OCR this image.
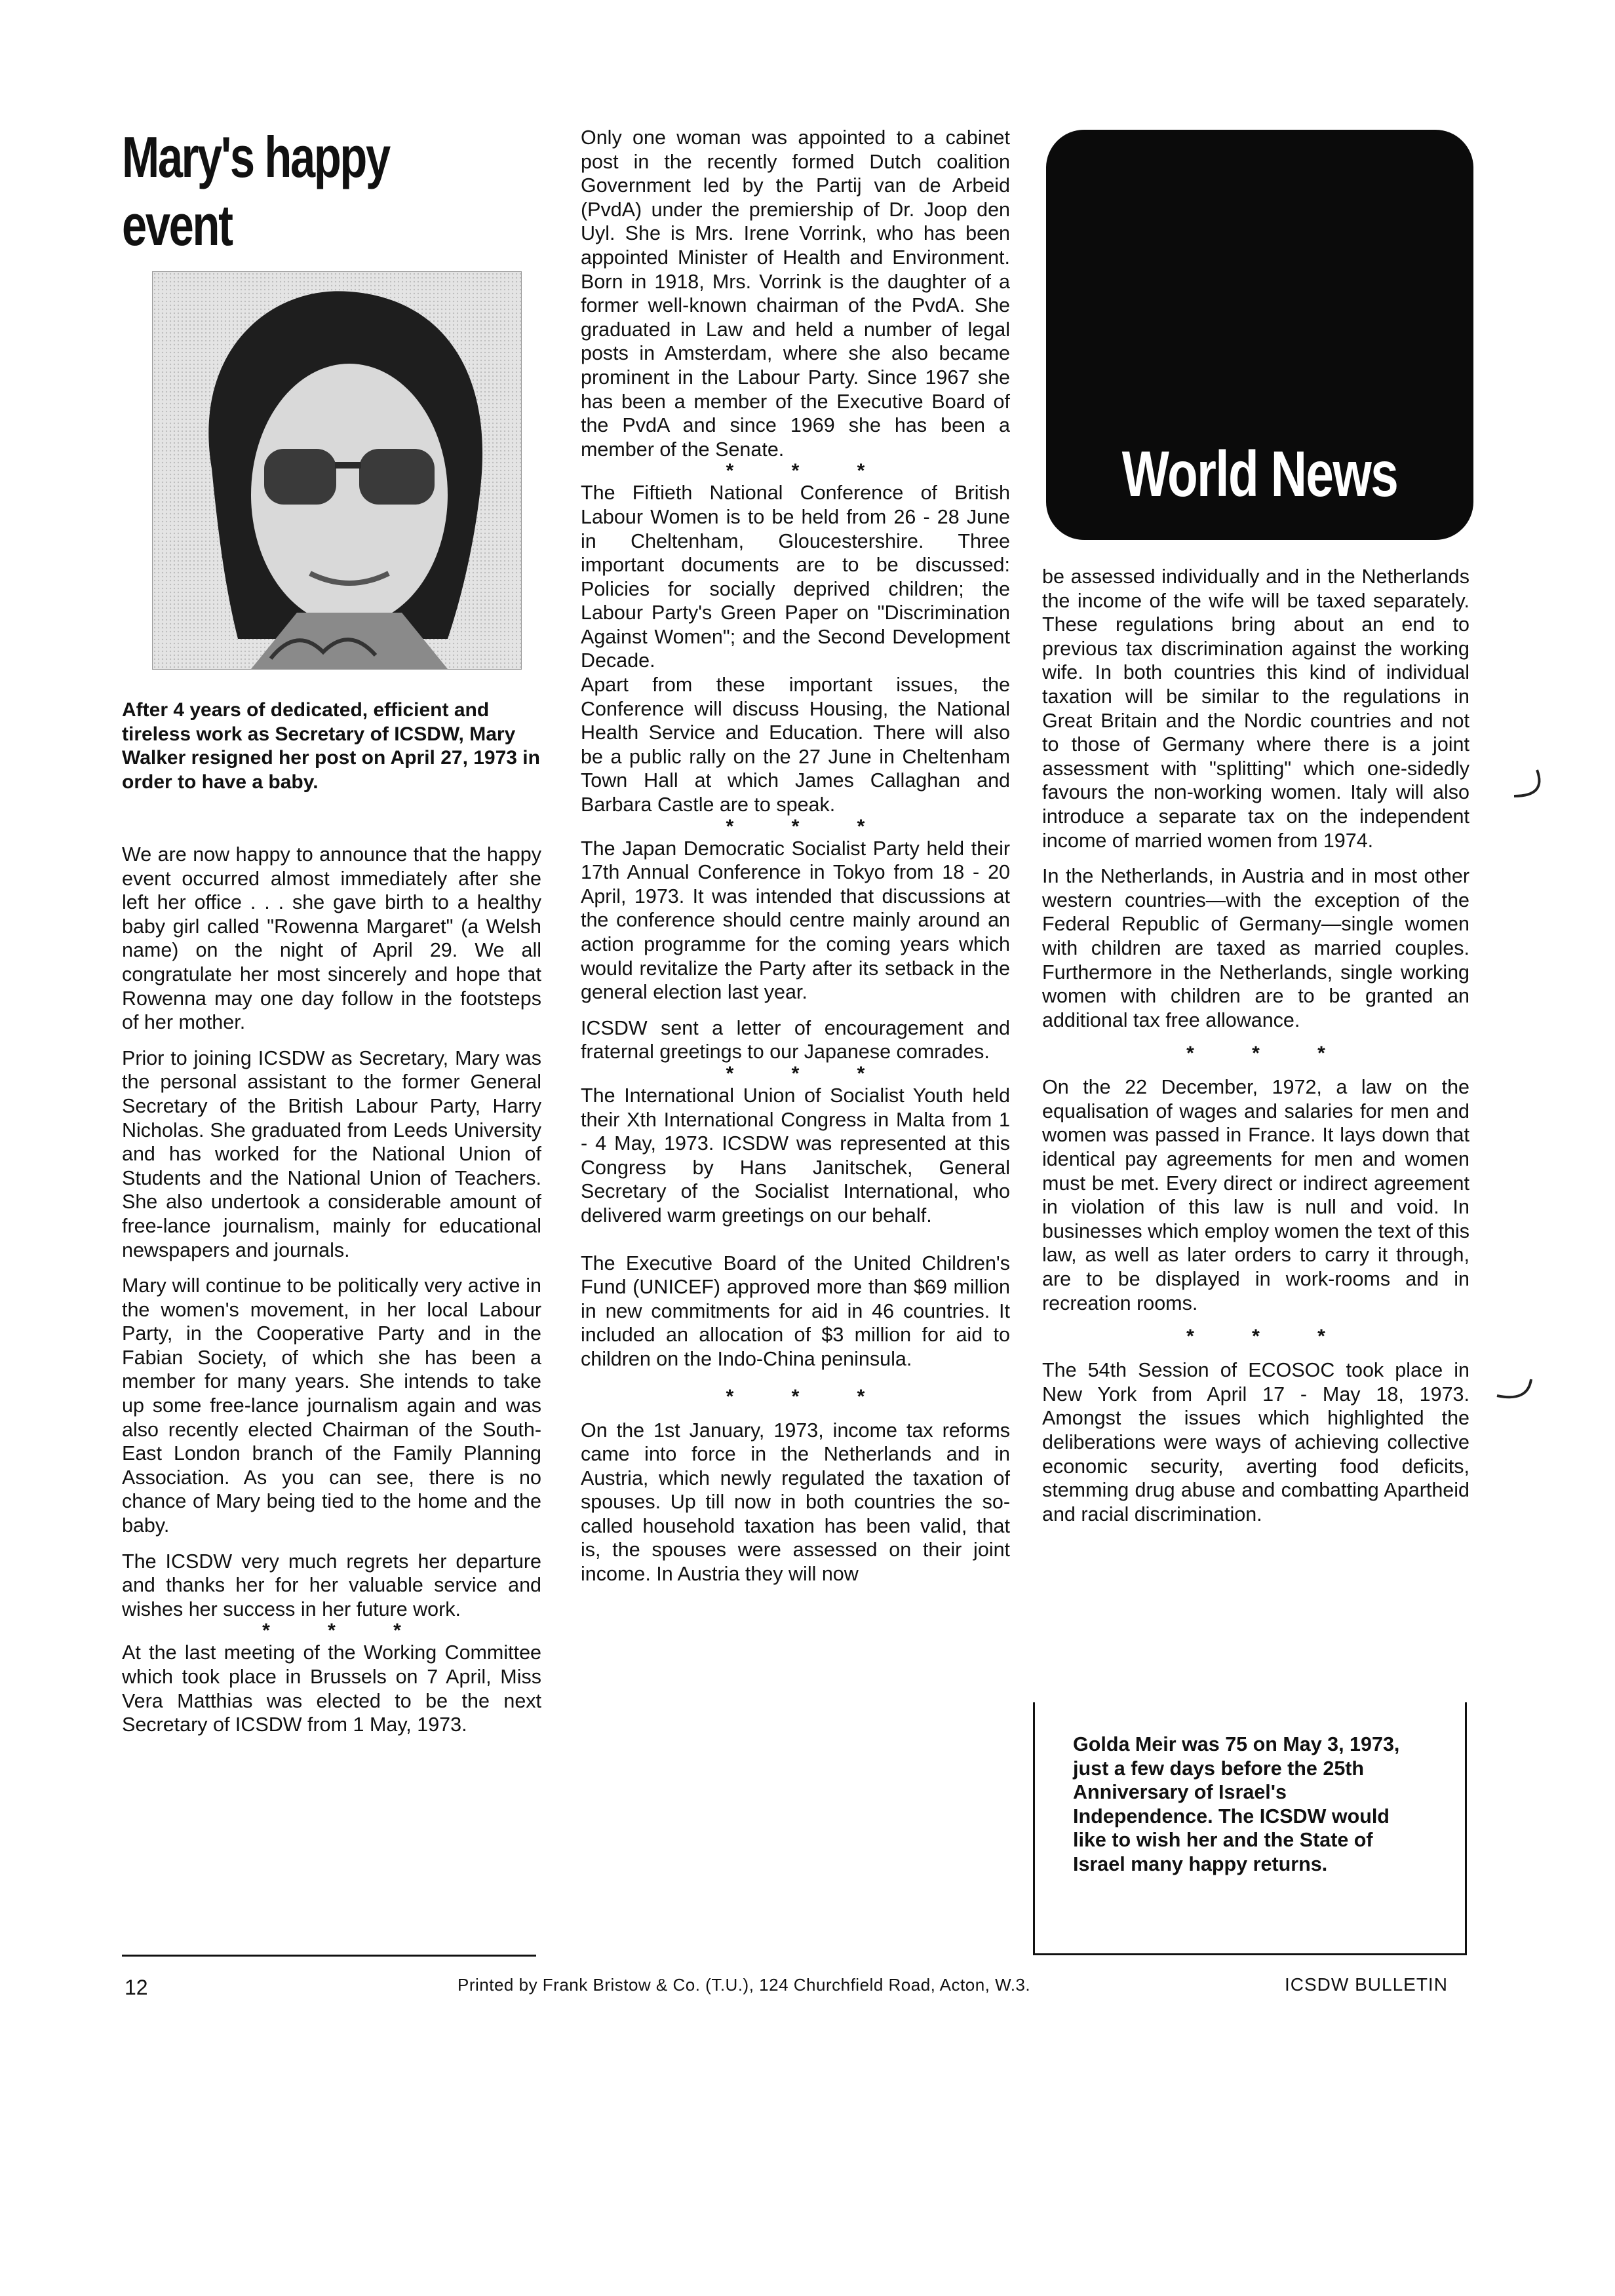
Mary's happy event

After 4 years of dedicated, efficient and tireless work as Secretary of ICSDW, Mary Walker resigned her post on April 27, 1973 in order to have a baby.

We are now happy to announce that the happy event occurred almost immediately after she left her office . . . she gave birth to a healthy baby girl called "Rowenna Margaret" (a Welsh name) on the night of April 29. We all congratulate her most sincerely and hope that Rowenna may one day follow in the footsteps of her mother.

Prior to joining ICSDW as Secretary, Mary was the personal assistant to the former General Secretary of the British Labour Party, Harry Nicholas. She graduated from Leeds University and has worked for the National Union of Students and the National Union of Teachers. She also undertook a considerable amount of free-lance journalism, mainly for educational newspapers and journals.

Mary will continue to be politically very active in the women's movement, in her local Labour Party, in the Cooperative Party and in the Fabian Society, of which she has been a member for many years. She intends to take up some free-lance journalism again and was also recently elected Chairman of the South-East London branch of the Family Planning Association. As you can see, there is no chance of Mary being tied to the home and the baby.

The ICSDW very much regrets her departure and thanks her for her valuable service and wishes her success in her future work.

* * *

At the last meeting of the Working Committee which took place in Brussels on 7 April, Miss Vera Matthias was elected to be the next Secretary of ICSDW from 1 May, 1973.

Only one woman was appointed to a cabinet post in the recently formed Dutch coalition Government led by the Partij van de Arbeid (PvdA) under the premiership of Dr. Joop den Uyl. She is Mrs. Irene Vorrink, who has been appointed Minister of Health and Environment. Born in 1918, Mrs. Vorrink is the daughter of a former well-known chairman of the PvdA. She graduated in Law and held a number of legal posts in Amsterdam, where she also became prominent in the Labour Party. Since 1967 she has been a member of the Executive Board of the PvdA and since 1969 she has been a member of the Senate.

* * *

The Fiftieth National Conference of British Labour Women is to be held from 26 - 28 June in Cheltenham, Gloucestershire. Three important documents are to be discussed: Policies for socially deprived children; the Labour Party's Green Paper on "Discrimination Against Women"; and the Second Development Decade.

Apart from these important issues, the Conference will discuss Housing, the National Health Service and Education. There will also be a public rally on the 27 June in Cheltenham Town Hall at which James Callaghan and Barbara Castle are to speak.

* * *

The Japan Democratic Socialist Party held their 17th Annual Conference in Tokyo from 18 - 20 April, 1973. It was intended that discussions at the conference should centre mainly around an action programme for the coming years which would revitalize the Party after its setback in the general election last year.

ICSDW sent a letter of encouragement and fraternal greetings to our Japanese comrades.

* * *

The International Union of Socialist Youth held their Xth International Congress in Malta from 1 - 4 May, 1973. ICSDW was represented at this Congress by Hans Janitschek, General Secretary of the Socialist International, who delivered warm greetings on our behalf.

The Executive Board of the United Children's Fund (UNICEF) approved more than $69 million in new commitments for aid in 46 countries. It included an allocation of $3 million for aid to children on the Indo-China peninsula.

* * *

On the 1st January, 1973, income tax reforms came into force in the Netherlands and in Austria, which newly regulated the taxation of spouses. Up till now in both countries the so-called household taxation has been valid, that is, the spouses were assessed on their joint income. In Austria they will now

World News

be assessed individually and in the Netherlands the income of the wife will be taxed separately. These regulations bring about an end to previous tax discrimination against the working wife. In both countries this kind of individual taxation will be similar to the regulations in Great Britain and the Nordic countries and not to those of Germany where there is a joint assessment with "splitting" which one-sidedly favours the non-working women. Italy will also introduce a separate tax on the independent income of married women from 1974.

In the Netherlands, in Austria and in most other western countries—with the exception of the Federal Republic of Germany—single women with children are taxed as married couples. Furthermore in the Netherlands, single working women with children are to be granted an additional tax free allowance.

* * *

On the 22 December, 1972, a law on the equalisation of wages and salaries for men and women was passed in France. It lays down that identical pay agreements for men and women must be met. Every direct or indirect agreement in violation of this law is null and void. In businesses which employ women the text of this law, as well as later orders to carry it through, are to be displayed in work-rooms and in recreation rooms.

* * *

The 54th Session of ECOSOC took place in New York from April 17 - May 18, 1973. Amongst the issues which highlighted the deliberations were ways of achieving collective economic security, averting food deficits, stemming drug abuse and combatting Apartheid and racial discrimination.

Golda Meir was 75 on May 3, 1973, just a few days before the 25th Anniversary of Israel's Independence. The ICSDW would like to wish her and the State of Israel many happy returns.

12	Printed by Frank Bristow & Co. (T.U.), 124 Churchfield Road, Acton, W.3.	ICSDW BULLETIN
